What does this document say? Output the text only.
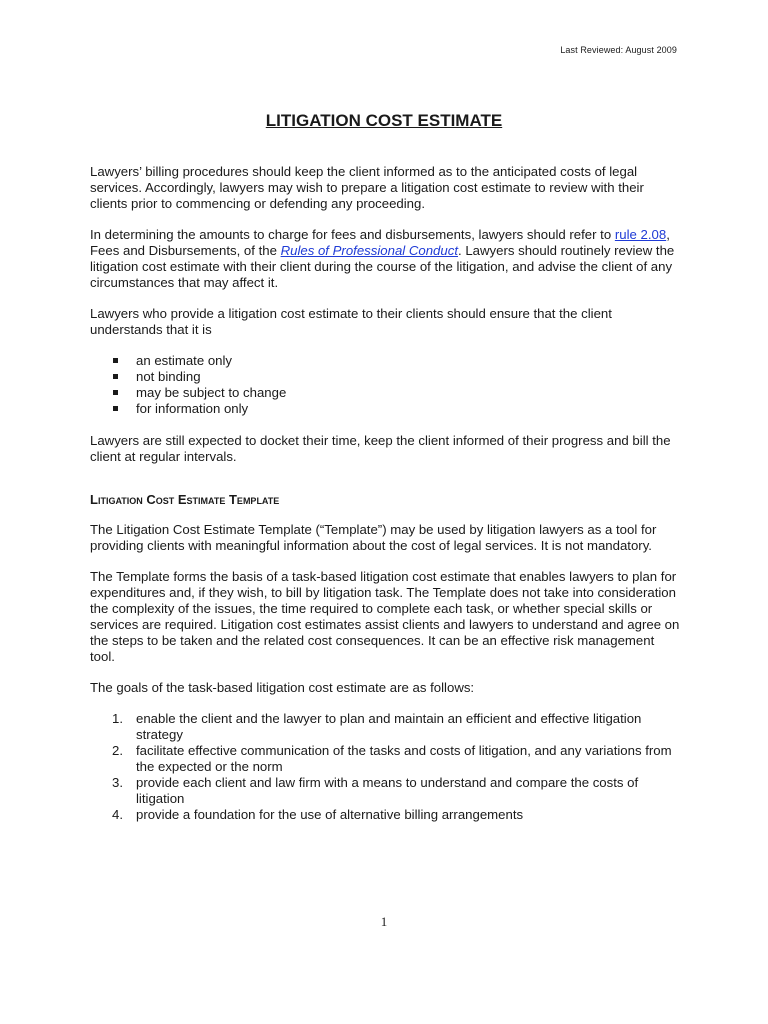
Last Reviewed: August 2009
LITIGATION COST ESTIMATE

Lawyers’ billing procedures should keep the client informed as to the anticipated costs of legal services. Accordingly, lawyers may wish to prepare a litigation cost estimate to review with their clients prior to commencing or defending any proceeding.

In determining the amounts to charge for fees and disbursements, lawyers should refer to rule 2.08, Fees and Disbursements, of the Rules of Professional Conduct. Lawyers should routinely review the litigation cost estimate with their client during the course of the litigation, and advise the client of any circumstances that may affect it.

Lawyers who provide a litigation cost estimate to their clients should ensure that the client understands that it is

an estimate only
not binding
may be subject to change
for information only

Lawyers are still expected to docket their time, keep the client informed of their progress and bill the client at regular intervals.

Litigation Cost Estimate Template

The Litigation Cost Estimate Template (“Template”) may be used by litigation lawyers as a tool for providing clients with meaningful information about the cost of legal services. It is not mandatory.

The Template forms the basis of a task-based litigation cost estimate that enables lawyers to plan for expenditures and, if they wish, to bill by litigation task. The Template does not take into consideration the complexity of the issues, the time required to complete each task, or whether special skills or services are required. Litigation cost estimates assist clients and lawyers to understand and agree on the steps to be taken and the related cost consequences. It can be an effective risk management tool.

The goals of the task-based litigation cost estimate are as follows:

1. enable the client and the lawyer to plan and maintain an efficient and effective litigation strategy
2. facilitate effective communication of the tasks and costs of litigation, and any variations from the expected or the norm
3. provide each client and law firm with a means to understand and compare the costs of litigation
4. provide a foundation for the use of alternative billing arrangements
1
